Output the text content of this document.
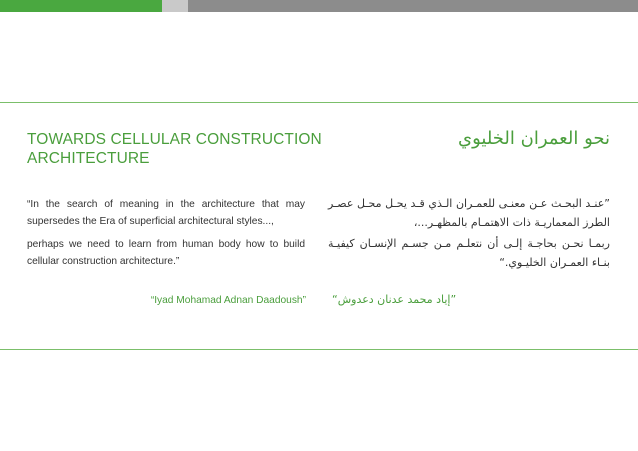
TOWARDS CELLULAR CONSTRUCTION ARCHITECTURE
نحو العمران الخليوي
“In the search of meaning in the architecture that may supersedes the Era of superficial architectural styles...,
perhaps we need to learn from human body how to build cellular construction architecture.”
”عنـد البحـث عـن معنـى للعمـران الـذي قـد يحـل محـل عصـر الطرز المعماريـة ذات الاهتمـام بالمظهـر...،
ربمـا نحـن بحاجـة إلـى أن نتعلـم مـن جسـم الإنسـان كيفيـة بنـاء العمـران الخليـوي.“
“Iyad Mohamad Adnan Daadoush” ”إياد محمد عدنان دعدوش“
